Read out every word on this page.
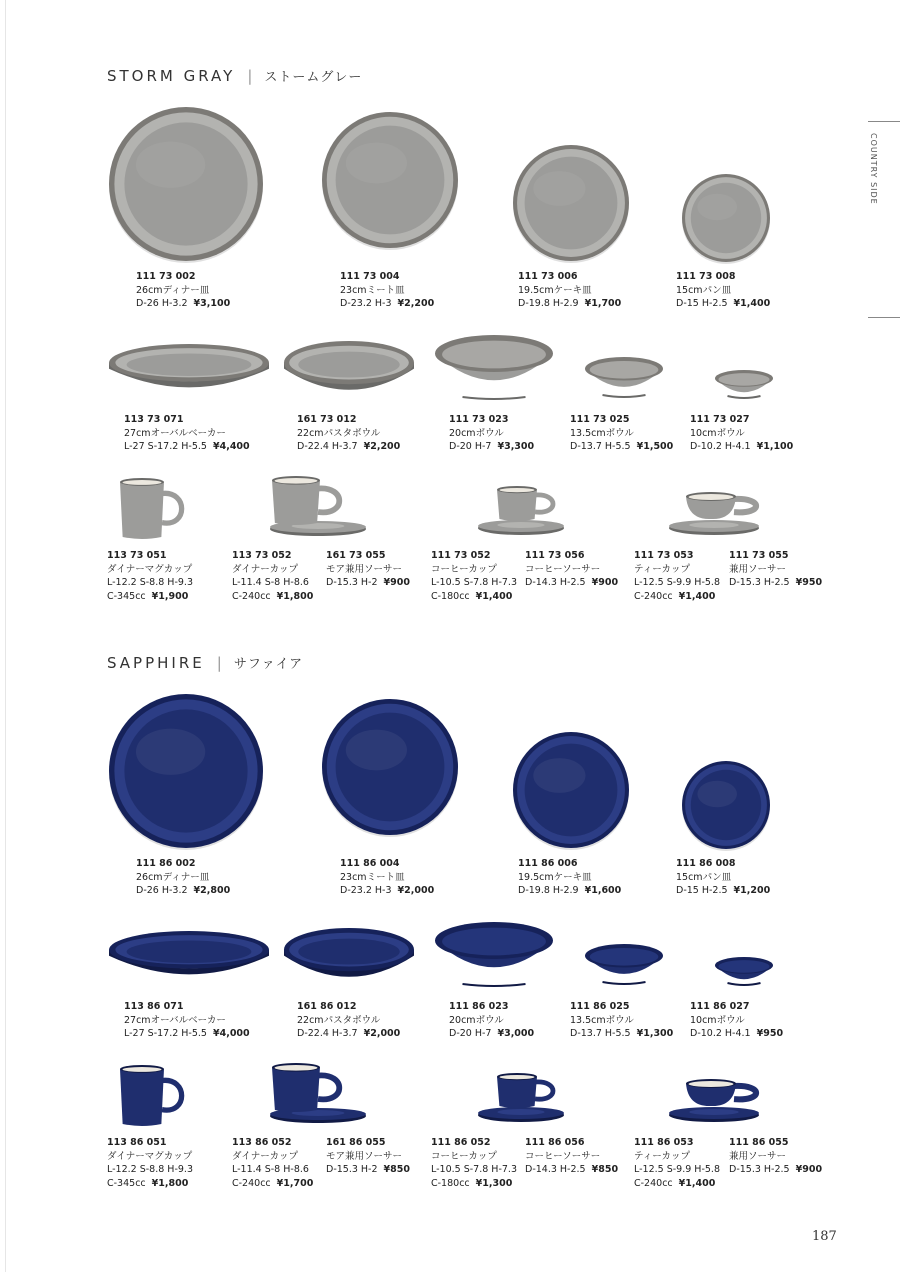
COUNTRY SIDE
STORM GRAY | ストームグレー
SAPPHIRE | サファイア
111 73 002
26cmディナー皿
D-26 H-3.2 ¥3,100
111 73 004
23cmミート皿
D-23.2 H-3 ¥2,200
111 73 006
19.5cmケーキ皿
D-19.8 H-2.9 ¥1,700
111 73 008
15cmパン皿
D-15 H-2.5 ¥1,400
113 73 071
27cmオーバルベーカー
L-27 S-17.2 H-5.5 ¥4,400
161 73 012
22cmパスタボウル
D-22.4 H-3.7 ¥2,200
111 73 023
20cmボウル
D-20 H-7 ¥3,300
111 73 025
13.5cmボウル
D-13.7 H-5.5 ¥1,500
111 73 027
10cmボウル
D-10.2 H-4.1 ¥1,100
113 73 051
ダイナーマグカップ
L-12.2 S-8.8 H-9.3
C-345cc ¥1,900
113 73 052
ダイナーカップ
L-11.4 S-8 H-8.6
C-240cc ¥1,800
161 73 055
モア兼用ソーサー
D-15.3 H-2 ¥900
111 73 052
コーヒーカップ
L-10.5 S-7.8 H-7.3
C-180cc ¥1,400
111 73 056
コーヒーソーサー
D-14.3 H-2.5 ¥900
111 73 053
ティーカップ
L-12.5 S-9.9 H-5.8
C-240cc ¥1,400
111 73 055
兼用ソーサー
D-15.3 H-2.5 ¥950
111 86 002
26cmディナー皿
D-26 H-3.2 ¥2,800
111 86 004
23cmミート皿
D-23.2 H-3 ¥2,000
111 86 006
19.5cmケーキ皿
D-19.8 H-2.9 ¥1,600
111 86 008
15cmパン皿
D-15 H-2.5 ¥1,200
113 86 071
27cmオーバルベーカー
L-27 S-17.2 H-5.5 ¥4,000
161 86 012
22cmパスタボウル
D-22.4 H-3.7 ¥2,000
111 86 023
20cmボウル
D-20 H-7 ¥3,000
111 86 025
13.5cmボウル
D-13.7 H-5.5 ¥1,300
111 86 027
10cmボウル
D-10.2 H-4.1 ¥950
113 86 051
ダイナーマグカップ
L-12.2 S-8.8 H-9.3
C-345cc ¥1,800
113 86 052
ダイナーカップ
L-11.4 S-8 H-8.6
C-240cc ¥1,700
161 86 055
モア兼用ソーサー
D-15.3 H-2 ¥850
111 86 052
コーヒーカップ
L-10.5 S-7.8 H-7.3
C-180cc ¥1,300
111 86 056
コーヒーソーサー
D-14.3 H-2.5 ¥850
111 86 053
ティーカップ
L-12.5 S-9.9 H-5.8
C-240cc ¥1,400
111 86 055
兼用ソーサー
D-15.3 H-2.5 ¥900
187
